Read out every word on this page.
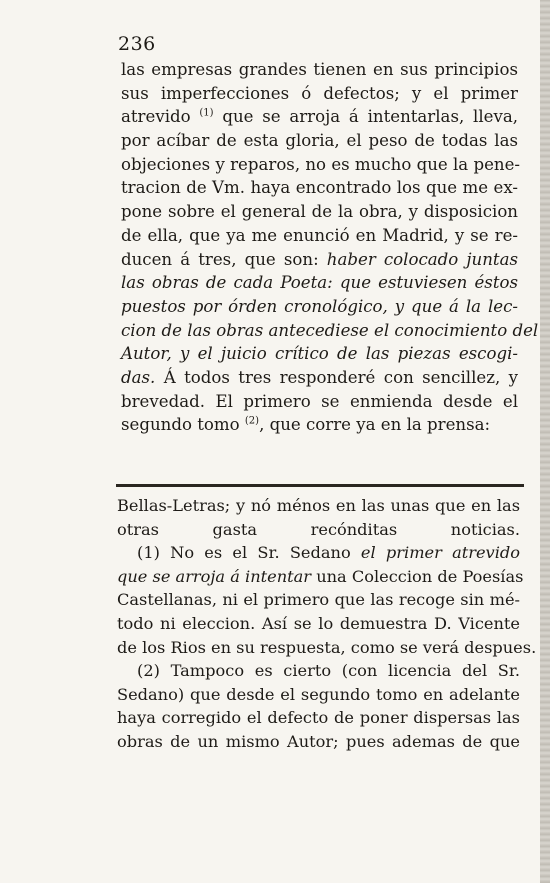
236
las empresas grandes tienen en sus principios
sus imperfecciones ó defectos; y el primer
atrevido $^{(1)}$ que se arroja á intentarlas, lleva,
por acíbar de esta gloria, el peso de todas las
objeciones y reparos, no es mucho que la pene-
tracion de Vm. haya encontrado los que me ex-
pone sobre el general de la obra, y disposicion
de ella, que ya me enunció en Madrid, y se re-
ducen á tres, que son: haber colocado juntas
las obras de cada Poeta: que estuviesen éstos
puestos por órden cronológico, y que á la lec-
cion de las obras antecediese el conocimiento del
Autor, y el juicio crítico de las piezas escogi-
das. Á todos tres responderé con sencillez, y
brevedad. El primero se enmienda desde el
segundo tomo $^{(2)}$, que corre ya en la prensa:
Bellas-Letras; y nó ménos en las unas que en las
otras gasta recónditas noticias.
(1) No es el Sr. Sedano el primer atrevido
que se arroja á intentar una Coleccion de Poesías
Castellanas, ni el primero que las recoge sin mé-
todo ni eleccion. Así se lo demuestra D. Vicente
de los Rios en su respuesta, como se verá despues.
(2) Tampoco es cierto (con licencia del Sr.
Sedano) que desde el segundo tomo en adelante
haya corregido el defecto de poner dispersas las
obras de un mismo Autor; pues ademas de que
